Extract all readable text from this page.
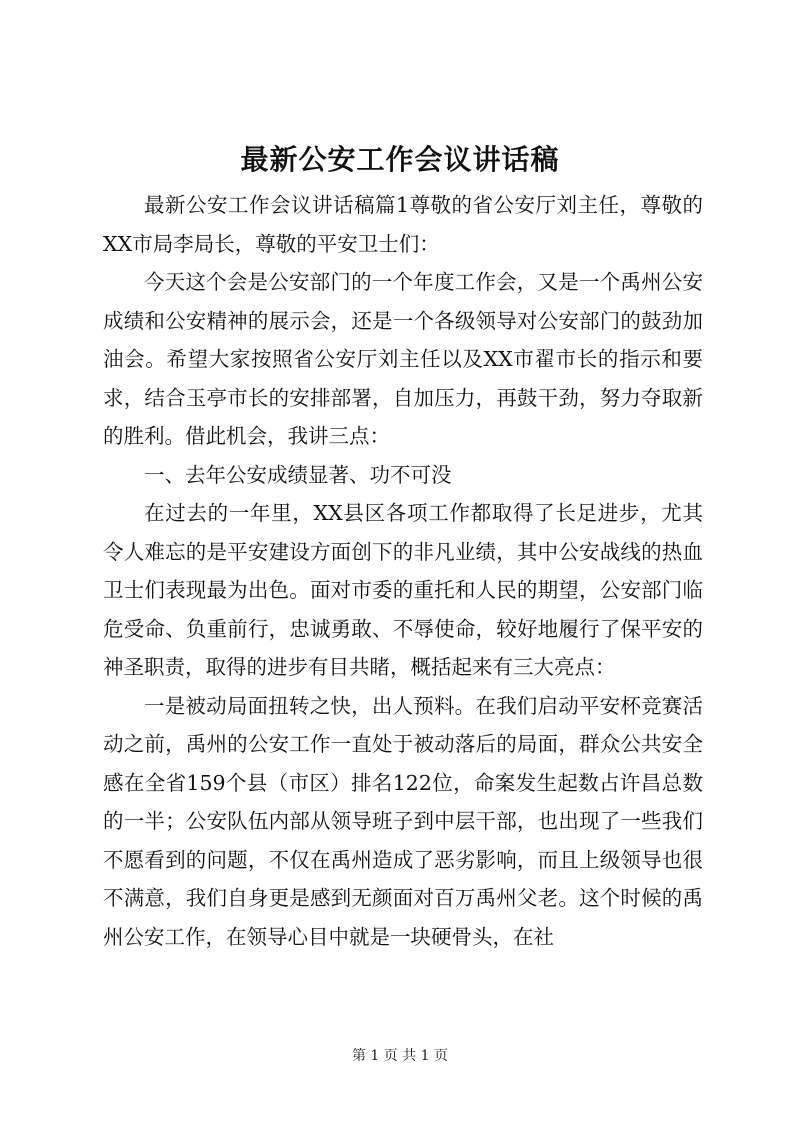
最新公安工作会议讲话稿

最新公安工作会议讲话稿篇1尊敬的省公安厅刘主任，尊敬的XX市局李局长，尊敬的平安卫士们：

今天这个会是公安部门的一个年度工作会，又是一个禹州公安成绩和公安精神的展示会，还是一个各级领导对公安部门的鼓劲加油会。希望大家按照省公安厅刘主任以及XX市翟市长的指示和要求，结合玉亭市长的安排部署，自加压力，再鼓干劲，努力夺取新的胜利。借此机会，我讲三点：

一、去年公安成绩显著、功不可没

在过去的一年里，XX县区各项工作都取得了长足进步，尤其令人难忘的是平安建设方面创下的非凡业绩，其中公安战线的热血卫士们表现最为出色。面对市委的重托和人民的期望，公安部门临危受命、负重前行，忠诚勇敢、不辱使命，较好地履行了保平安的神圣职责，取得的进步有目共睹，概括起来有三大亮点：

一是被动局面扭转之快，出人预料。在我们启动平安杯竞赛活动之前，禹州的公安工作一直处于被动落后的局面，群众公共安全感在全省159个县（市区）排名122位，命案发生起数占许昌总数的一半；公安队伍内部从领导班子到中层干部，也出现了一些我们不愿看到的问题，不仅在禹州造成了恶劣影响，而且上级领导也很不满意，我们自身更是感到无颜面对百万禹州父老。这个时候的禹州公安工作，在领导心目中就是一块硬骨头，在社

第 1 页 共 1 页
